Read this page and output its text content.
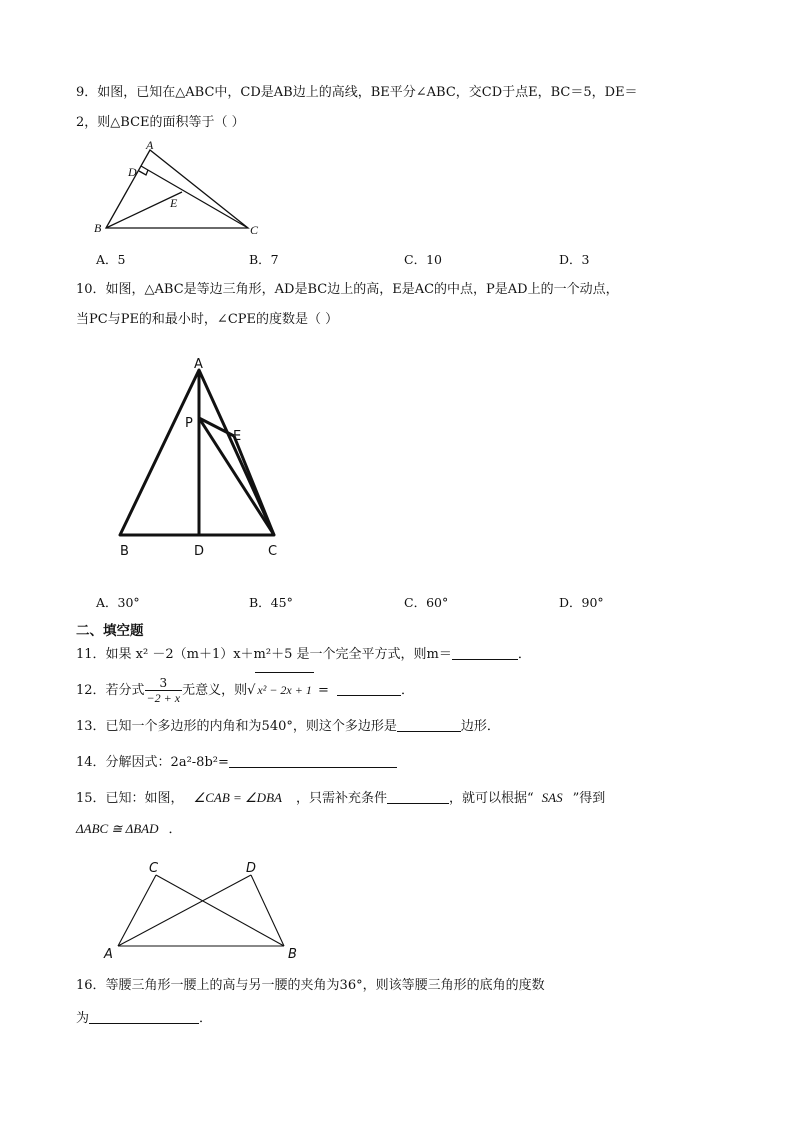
9．如图，已知在△ABC中，CD是AB边上的高线，BE平分∠ABC，交CD于点E，BC＝5，DE＝
2，则△BCE的面积等于（ ）
A
D
E
B	C
A．5	B．7	C．10	D．3
10．如图，△ABC是等边三角形，AD是BC边上的高，E是AC的中点，P是AD上的一个动点，
当PC与PE的和最小时，∠CPE的度数是（ ）
A
P
E
B	D	C
A．30°	B．45°	C．60°	D．90°
二、填空题
11．如果 x² －2（m＋1）x＋m²＋5 是一个完全平方式，则m＝	．
12．若分式 $\frac{3}{-2 + x}$ 无意义，则√ x² − 2x + 1 =	．
13．已知一个多边形的内角和为540°，则这个多边形是	边形．
14．分解因式：2a²-8b²=
15．已知：如图， ∠CAB = ∠DBA ，只需补充条件	，就可以根据“ SAS ”得到
ΔABC ≅ ΔBAD ．
C	D
A	B
16．等腰三角形一腰上的高与另一腰的夹角为36°，则该等腰三角形的底角的度数
为	．
